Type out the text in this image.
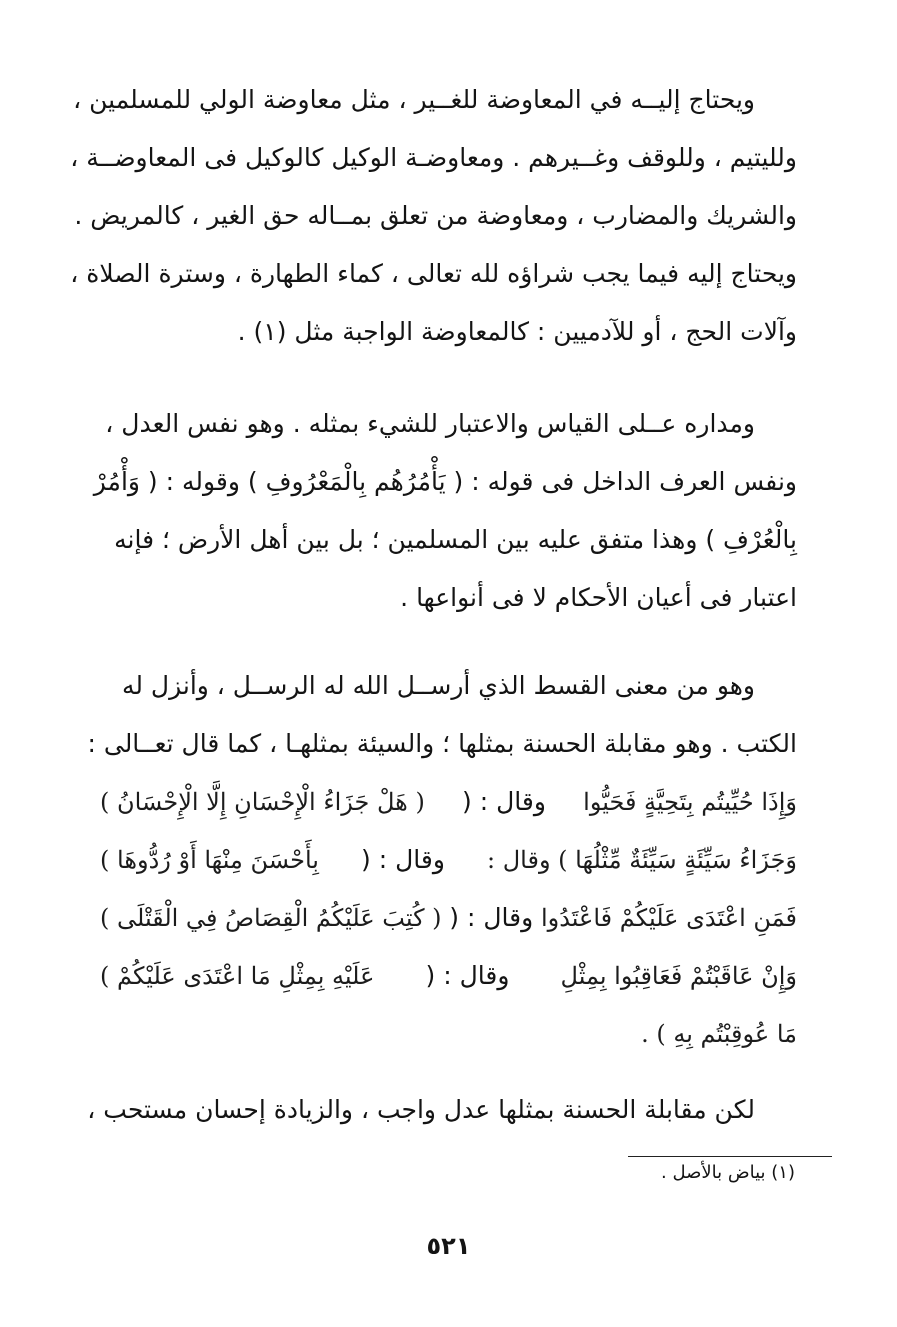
ويحتاج إليــه في المعاوضة للغــير ، مثل معاوضة الولي للمسلمين ،
ولليتيم ، وللوقف وغــيرهم . ومعاوضـة الوكيل كالوكيل فى المعاوضــة ،
والشريك والمضارب ، ومعاوضة من تعلق بمــاله حق الغير ، كالمريض .
ويحتاج إليه فيما يجب شراؤه لله تعالى ، كماء الطهارة ، وسترة الصلاة ،
وآلات الحج ، أو للآدميين : كالمعاوضة الواجبة مثل (١) .
ومداره عــلى القياس والاعتبار للشيء بمثله . وهو نفس العدل ،
ونفس العرف الداخل فى قوله : ( يَأْمُرُهُم بِالْمَعْرُوفِ ) وقوله : ( وَأْمُرْ
بِالْعُرْفِ ) وهذا متفق عليه بين المسلمين ؛ بل بين أهل الأرض ؛ فإنه
اعتبار فى أعيان الأحكام لا فى أنواعها .
وهو من معنى القسط الذي أرســل الله له الرســل ، وأنزل له
الكتب . وهو مقابلة الحسنة بمثلها ؛ والسيئة بمثلهـا ، كما قال تعــالى :
وَإِذَا حُيِّيتُم بِتَحِيَّةٍ فَحَيُّوا
وقال : (
( هَلْ جَزَاءُ الْإِحْسَانِ إِلَّا الْإِحْسَانُ )
وَجَزَاءُ سَيِّئَةٍ سَيِّئَةٌ مِّثْلُهَا ) وقال :
وقال : (
بِأَحْسَنَ مِنْهَا أَوْ رُدُّوهَا )
فَمَنِ اعْتَدَى عَلَيْكُمْ فَاعْتَدُوا
وقال : (
( كُتِبَ عَلَيْكُمُ الْقِصَاصُ فِي الْقَتْلَى )
وَإِنْ عَاقَبْتُمْ فَعَاقِبُوا بِمِثْلِ
وقال : (
عَلَيْهِ بِمِثْلِ مَا اعْتَدَى عَلَيْكُمْ )
مَا عُوقِبْتُم بِهِ ) .
لكن مقابلة الحسنة بمثلها عدل واجب ، والزيادة إحسان مستحب ،
(١) بياض بالأصل .
٥٢١
